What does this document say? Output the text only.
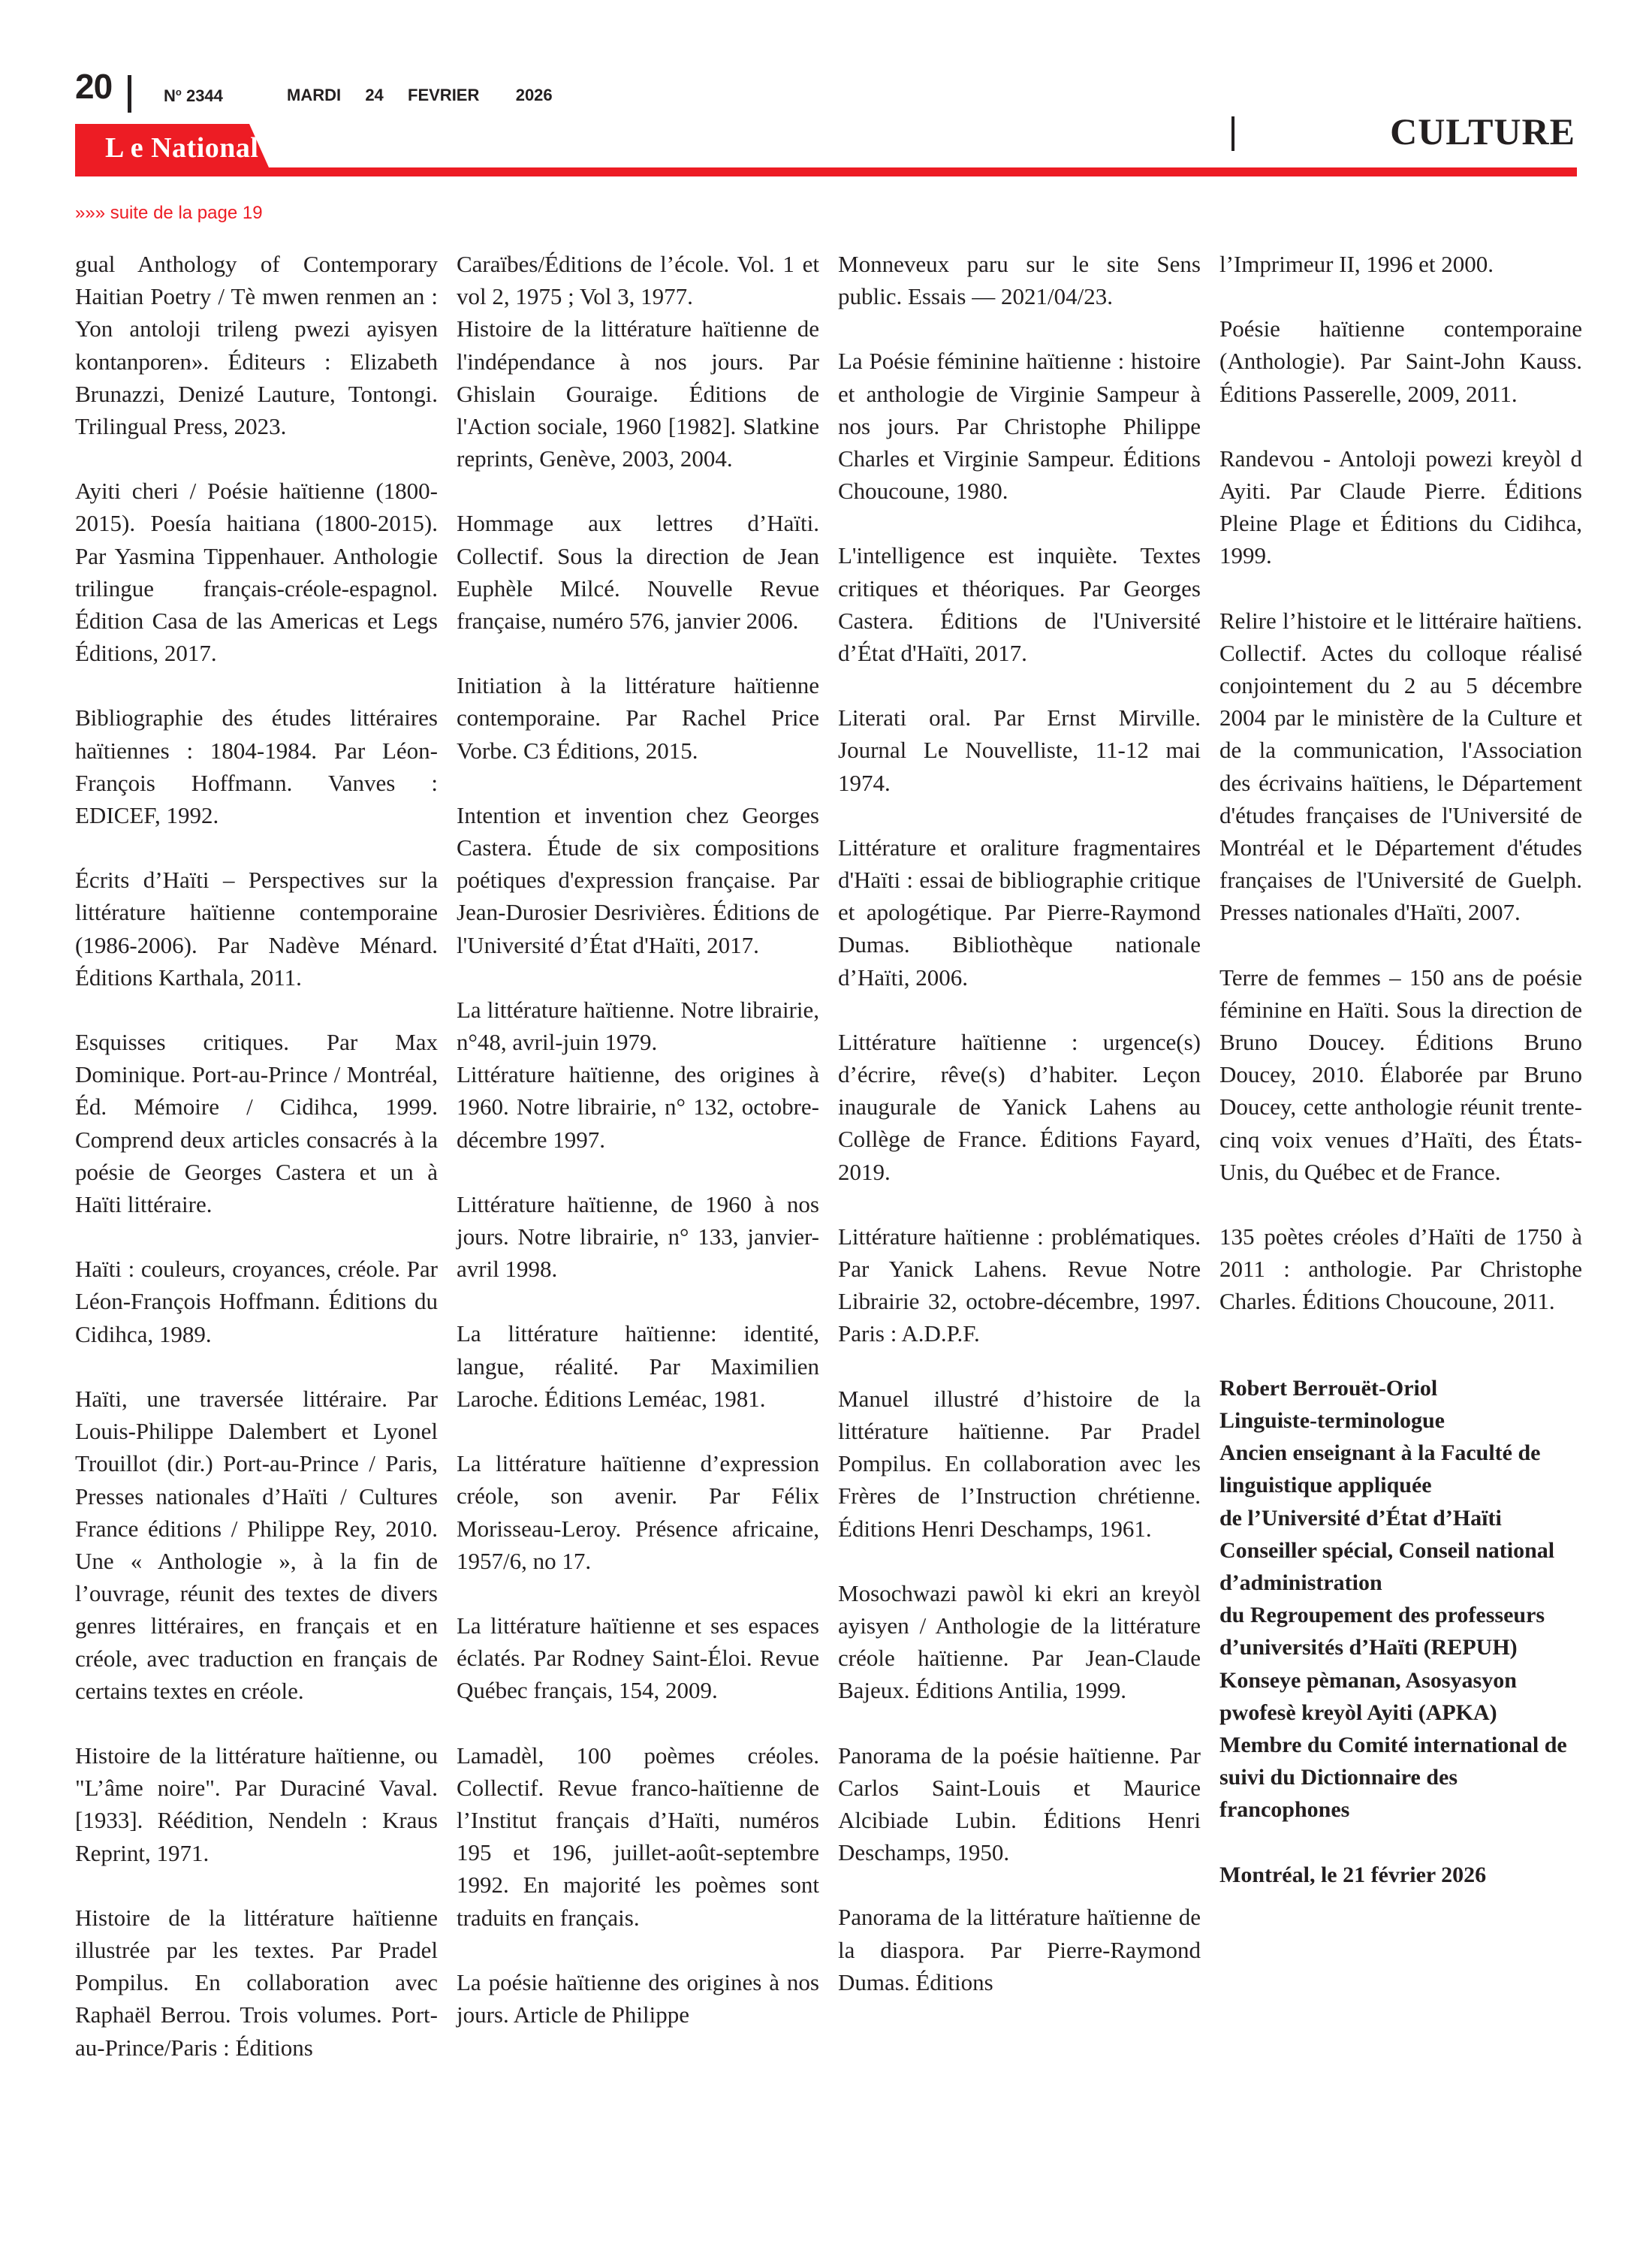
20	$N^o$ 2344	MARDI  24  FEVRIER   2026
L e National	CULTURE
»»» suite de la page 19

gual Anthology of Contemporary Haitian Poetry / Tè mwen renmen an : Yon antoloji trileng pwezi ayisyen kontanporen». Éditeurs : Elizabeth Brunazzi, Denizé Lauture, Tontongi. Trilingual Press, 2023.

Ayiti cheri / Poésie haïtienne (1800-2015). Poesía haitiana (1800-2015). Par Yasmina Tippenhauer. Anthologie trilingue français-créole-espagnol. Édition Casa de las Americas et Legs Éditions, 2017.

Bibliographie des études littéraires haïtiennes : 1804-1984. Par Léon-François Hoffmann. Vanves : EDICEF, 1992.

Écrits d’Haïti – Perspectives sur la littérature haïtienne contemporaine (1986-2006). Par Nadève Ménard. Éditions Karthala, 2011.

Esquisses critiques. Par Max Dominique. Port-au-Prince / Montréal, Éd. Mémoire / Cidihca, 1999. Comprend deux articles consacrés à la poésie de Georges Castera et un à Haïti littéraire.

Haïti : couleurs, croyances, créole. Par Léon-François Hoffmann. Éditions du Cidihca, 1989.

Haïti, une traversée littéraire. Par Louis-Philippe Dalembert et Lyonel Trouillot (dir.) Port-au-Prince / Paris, Presses nationales d’Haïti / Cultures France éditions / Philippe Rey, 2010. Une « Anthologie », à la fin de l’ouvrage, réunit des textes de divers genres littéraires, en français et en créole, avec traduction en français de certains textes en créole.

Histoire de la littérature haïtienne, ou "L’âme noire". Par Duraciné Vaval. [1933]. Réédition, Nendeln : Kraus Reprint, 1971.

Histoire de la littérature haïtienne illustrée par les textes. Par Pradel Pompilus. En collaboration avec Raphaël Berrou. Trois volumes. Port-au-Prince/Paris : Éditions

Caraïbes/Éditions de l’école. Vol. 1 et vol 2, 1975 ; Vol 3, 1977.

Histoire de la littérature haïtienne de l'indépendance à nos jours. Par Ghislain Gouraige. Éditions de l'Action sociale, 1960 [1982]. Slatkine reprints, Genève, 2003, 2004.

Hommage aux lettres d’Haïti. Collectif. Sous la direction de Jean Euphèle Milcé. Nouvelle Revue française, numéro 576, janvier 2006.

Initiation à la littérature haïtienne contemporaine. Par Rachel Price Vorbe. C3 Éditions, 2015.

Intention et invention chez Georges Castera. Étude de six compositions poétiques d'expression française. Par Jean-Durosier Desrivières. Éditions de l'Université d’État d'Haïti, 2017.

La littérature haïtienne. Notre librairie, n°48, avril-juin 1979.

Littérature haïtienne, des origines à 1960. Notre librairie, n° 132, octobre-décembre 1997.

Littérature haïtienne, de 1960 à nos jours. Notre librairie, n° 133, janvier-avril 1998.

La littérature haïtienne: identité, langue, réalité. Par Maximilien Laroche. Éditions Leméac, 1981.

La littérature haïtienne d’expression créole, son avenir. Par Félix Morisseau-Leroy. Présence africaine, 1957/6, no 17.

La littérature haïtienne et ses espaces éclatés. Par Rodney Saint-Éloi. Revue Québec français, 154, 2009.

Lamadèl, 100 poèmes créoles. Collectif. Revue franco-haïtienne de l’Institut français d’Haïti, numéros 195 et 196, juillet-août-septembre 1992. En majorité les poèmes sont traduits en français.

La poésie haïtienne des origines à nos jours. Article de Philippe

Monneveux paru sur le site Sens public. Essais — 2021/04/23.

La Poésie féminine haïtienne : histoire et anthologie de Virginie Sampeur à nos jours. Par Christophe Philippe Charles et Virginie Sampeur. Éditions Choucoune, 1980.

L'intelligence est inquiète. Textes critiques et théoriques. Par Georges Castera. Éditions de l'Université d’État d'Haïti, 2017.

Literati oral. Par Ernst Mirville. Journal Le Nouvelliste, 11-12 mai 1974.

Littérature et oraliture fragmentaires d'Haïti : essai de bibliographie critique et apologétique. Par Pierre-Raymond Dumas. Bibliothèque nationale d’Haïti, 2006.

Littérature haïtienne : urgence(s) d’écrire, rêve(s) d’habiter. Leçon inaugurale de Yanick Lahens au Collège de France. Éditions Fayard, 2019.

Littérature haïtienne : problématiques. Par Yanick Lahens. Revue Notre Librairie 32, octobre-décembre, 1997. Paris : A.D.P.F.

Manuel illustré d’histoire de la littérature haïtienne. Par Pradel Pompilus. En collaboration avec les Frères de l’Instruction chrétienne. Éditions Henri Deschamps, 1961.

Mosochwazi pawòl ki ekri an kreyòl ayisyen / Anthologie de la littérature créole haïtienne. Par Jean-Claude Bajeux. Éditions Antilia, 1999.

Panorama de la poésie haïtienne. Par Carlos Saint-Louis et Maurice Alcibiade Lubin. Éditions Henri Deschamps, 1950.

Panorama de la littérature haïtienne de la diaspora. Par Pierre-Raymond Dumas. Éditions

l’Imprimeur II, 1996 et 2000.

Poésie haïtienne contemporaine (Anthologie). Par Saint-John Kauss. Éditions Passerelle, 2009, 2011.

Randevou - Antoloji powezi kreyòl d Ayiti. Par Claude Pierre. Éditions Pleine Plage et Éditions du Cidihca, 1999.

Relire l’histoire et le littéraire haïtiens. Collectif. Actes du colloque réalisé conjointement du 2 au 5 décembre 2004 par le ministère de la Culture et de la communication, l'Association des écrivains haïtiens, le Département d'études françaises de l'Université de Montréal et le Département d'études françaises de l'Université de Guelph. Presses nationales d'Haïti, 2007.

Terre de femmes – 150 ans de poésie féminine en Haïti. Sous la direction de Bruno Doucey. Éditions Bruno Doucey, 2010. Élaborée par Bruno Doucey, cette anthologie réunit trente-cinq voix venues d’Haïti, des États-Unis, du Québec et de France.

135 poètes créoles d’Haïti de 1750 à 2011 : anthologie. Par Christophe Charles. Éditions Choucoune, 2011.

Robert Berrouët-Oriol
Linguiste-terminologue
Ancien enseignant à la Faculté de linguistique appliquée
de l’Université d’État d’Haïti
Conseiller spécial, Conseil national d’administration
du Regroupement des professeurs d’universités d’Haïti (REPUH)
Konseye pèmanan, Asosyasyon pwofesè kreyòl Ayiti (APKA)
Membre du Comité international de suivi du Dictionnaire des francophones
Montréal, le 21 février 2026
